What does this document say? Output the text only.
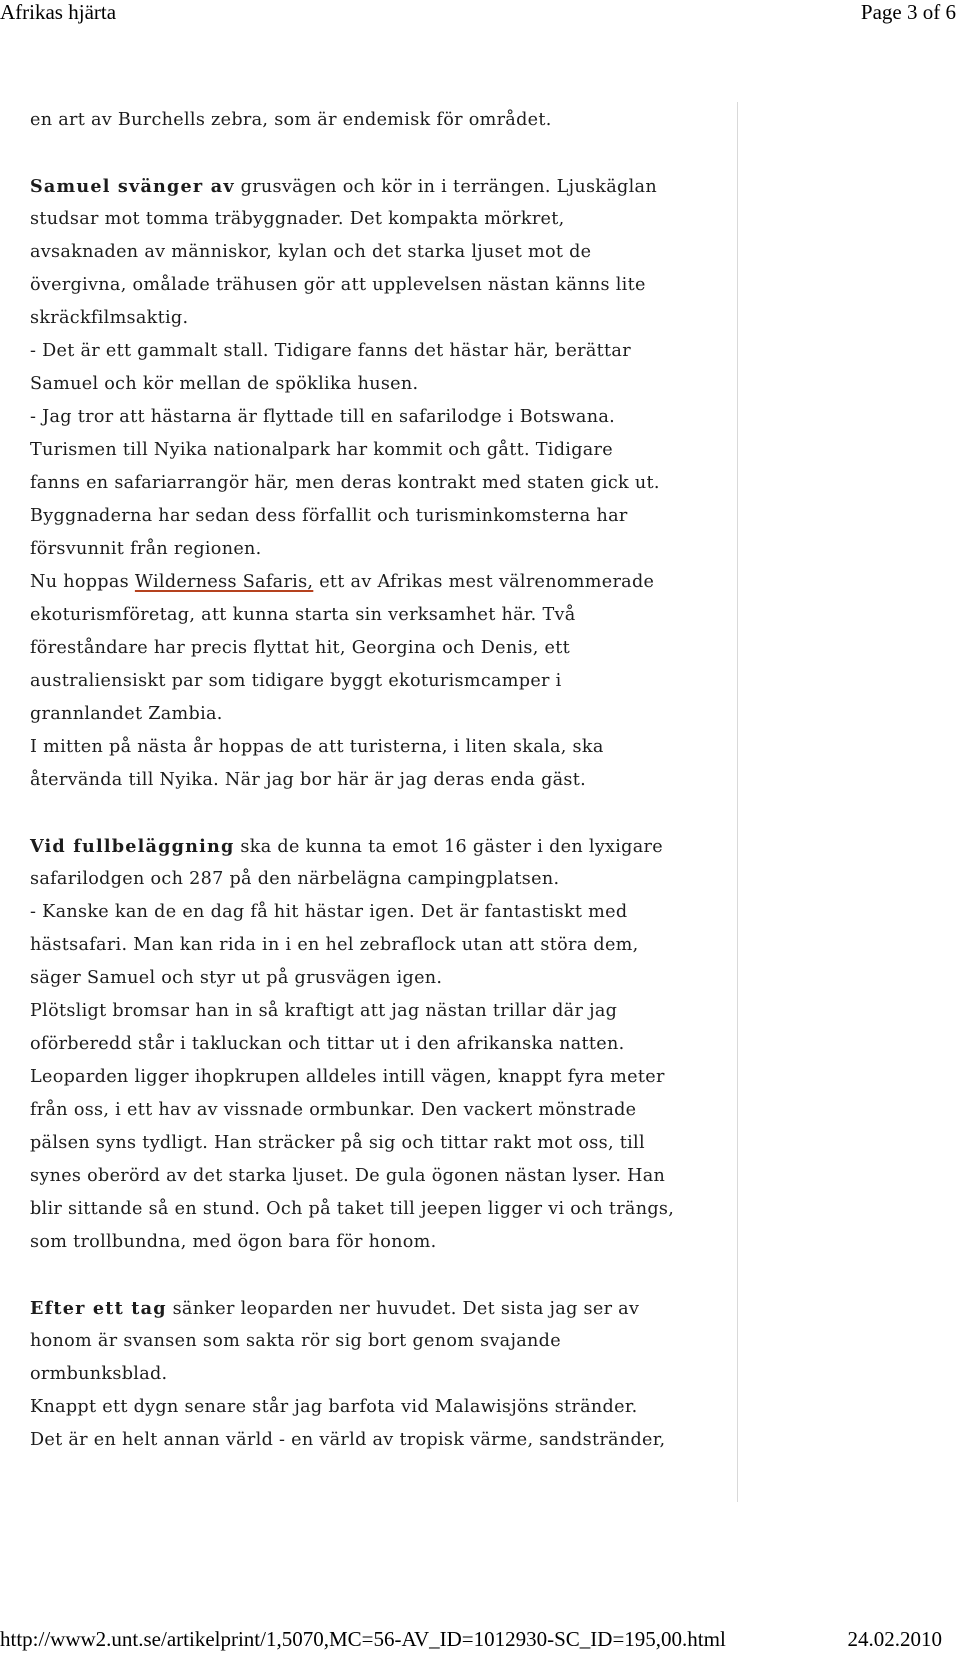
Afrikas hjärta	Page 3 of 6
en art av Burchells zebra, som är endemisk för området.
Samuel svänger av grusvägen och kör in i terrängen. Ljuskäglan
studsar mot tomma träbyggnader. Det kompakta mörkret,
avsaknaden av människor, kylan och det starka ljuset mot de
övergivna, omålade trähusen gör att upplevelsen nästan känns lite
skräckfilmsaktig.
- Det är ett gammalt stall. Tidigare fanns det hästar här, berättar
Samuel och kör mellan de spöklika husen.
- Jag tror att hästarna är flyttade till en safarilodge i Botswana.
Turismen till Nyika nationalpark har kommit och gått. Tidigare
fanns en safariarrangör här, men deras kontrakt med staten gick ut.
Byggnaderna har sedan dess förfallit och turisminkomsterna har
försvunnit från regionen.
Nu hoppas Wilderness Safaris, ett av Afrikas mest välrenommerade
ekoturismföretag, att kunna starta sin verksamhet här. Två
föreståndare har precis flyttat hit, Georgina och Denis, ett
australiensiskt par som tidigare byggt ekoturismcamper i
grannlandet Zambia.
I mitten på nästa år hoppas de att turisterna, i liten skala, ska
återvända till Nyika. När jag bor här är jag deras enda gäst.
Vid fullbeläggning ska de kunna ta emot 16 gäster i den lyxigare
safarilodgen och 287 på den närbelägna campingplatsen.
- Kanske kan de en dag få hit hästar igen. Det är fantastiskt med
hästsafari. Man kan rida in i en hel zebraflock utan att störa dem,
säger Samuel och styr ut på grusvägen igen.
Plötsligt bromsar han in så kraftigt att jag nästan trillar där jag
oförberedd står i takluckan och tittar ut i den afrikanska natten.
Leoparden ligger ihopkrupen alldeles intill vägen, knappt fyra meter
från oss, i ett hav av vissnade ormbunkar. Den vackert mönstrade
pälsen syns tydligt. Han sträcker på sig och tittar rakt mot oss, till
synes oberörd av det starka ljuset. De gula ögonen nästan lyser. Han
blir sittande så en stund. Och på taket till jeepen ligger vi och trängs,
som trollbundna, med ögon bara för honom.
Efter ett tag sänker leoparden ner huvudet. Det sista jag ser av
honom är svansen som sakta rör sig bort genom svajande
ormbunksblad.
Knappt ett dygn senare står jag barfota vid Malawisjöns stränder.
Det är en helt annan värld - en värld av tropisk värme, sandstränder,
http://www2.unt.se/artikelprint/1,5070,MC=56-AV_ID=1012930-SC_ID=195,00.html	24.02.2010
